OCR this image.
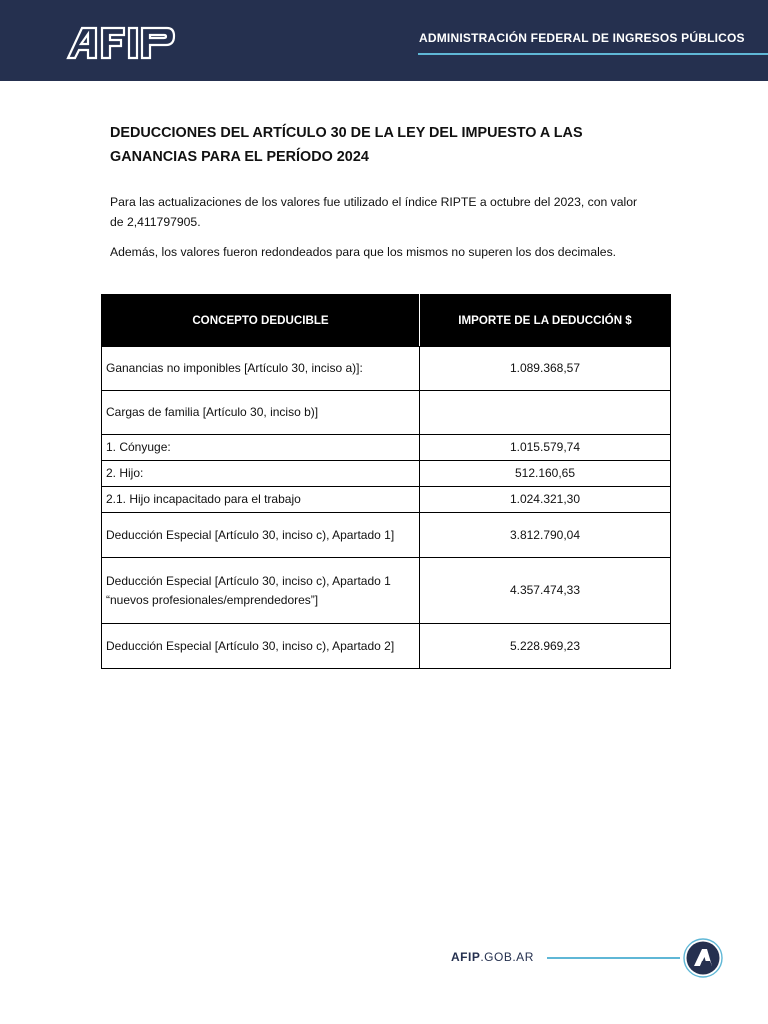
ADMINISTRACIÓN FEDERAL DE INGRESOS PÚBLICOS
DEDUCCIONES DEL ARTÍCULO 30 DE LA LEY DEL IMPUESTO A LAS GANANCIAS PARA EL PERÍODO 2024

Para las actualizaciones de los valores fue utilizado el índice RIPTE a octubre del 2023, con valor de 2,411797905.

Además, los valores fueron redondeados para que los mismos no superen los dos decimales.

CONCEPTO DEDUCIBLE	IMPORTE DE LA DEDUCCIÓN $
Ganancias no imponibles [Artículo 30, inciso a)]:	1.089.368,57
Cargas de familia [Artículo 30, inciso b)]	
1. Cónyuge:	1.015.579,74
2. Hijo:	512.160,65
2.1. Hijo incapacitado para el trabajo	1.024.321,30
Deducción Especial [Artículo 30, inciso c), Apartado 1]	3.812.790,04
Deducción Especial [Artículo 30, inciso c), Apartado 1 “nuevos profesionales/emprendedores”]	4.357.474,33
Deducción Especial [Artículo 30, inciso c), Apartado 2]	5.228.969,23
AFIP.GOB.AR
